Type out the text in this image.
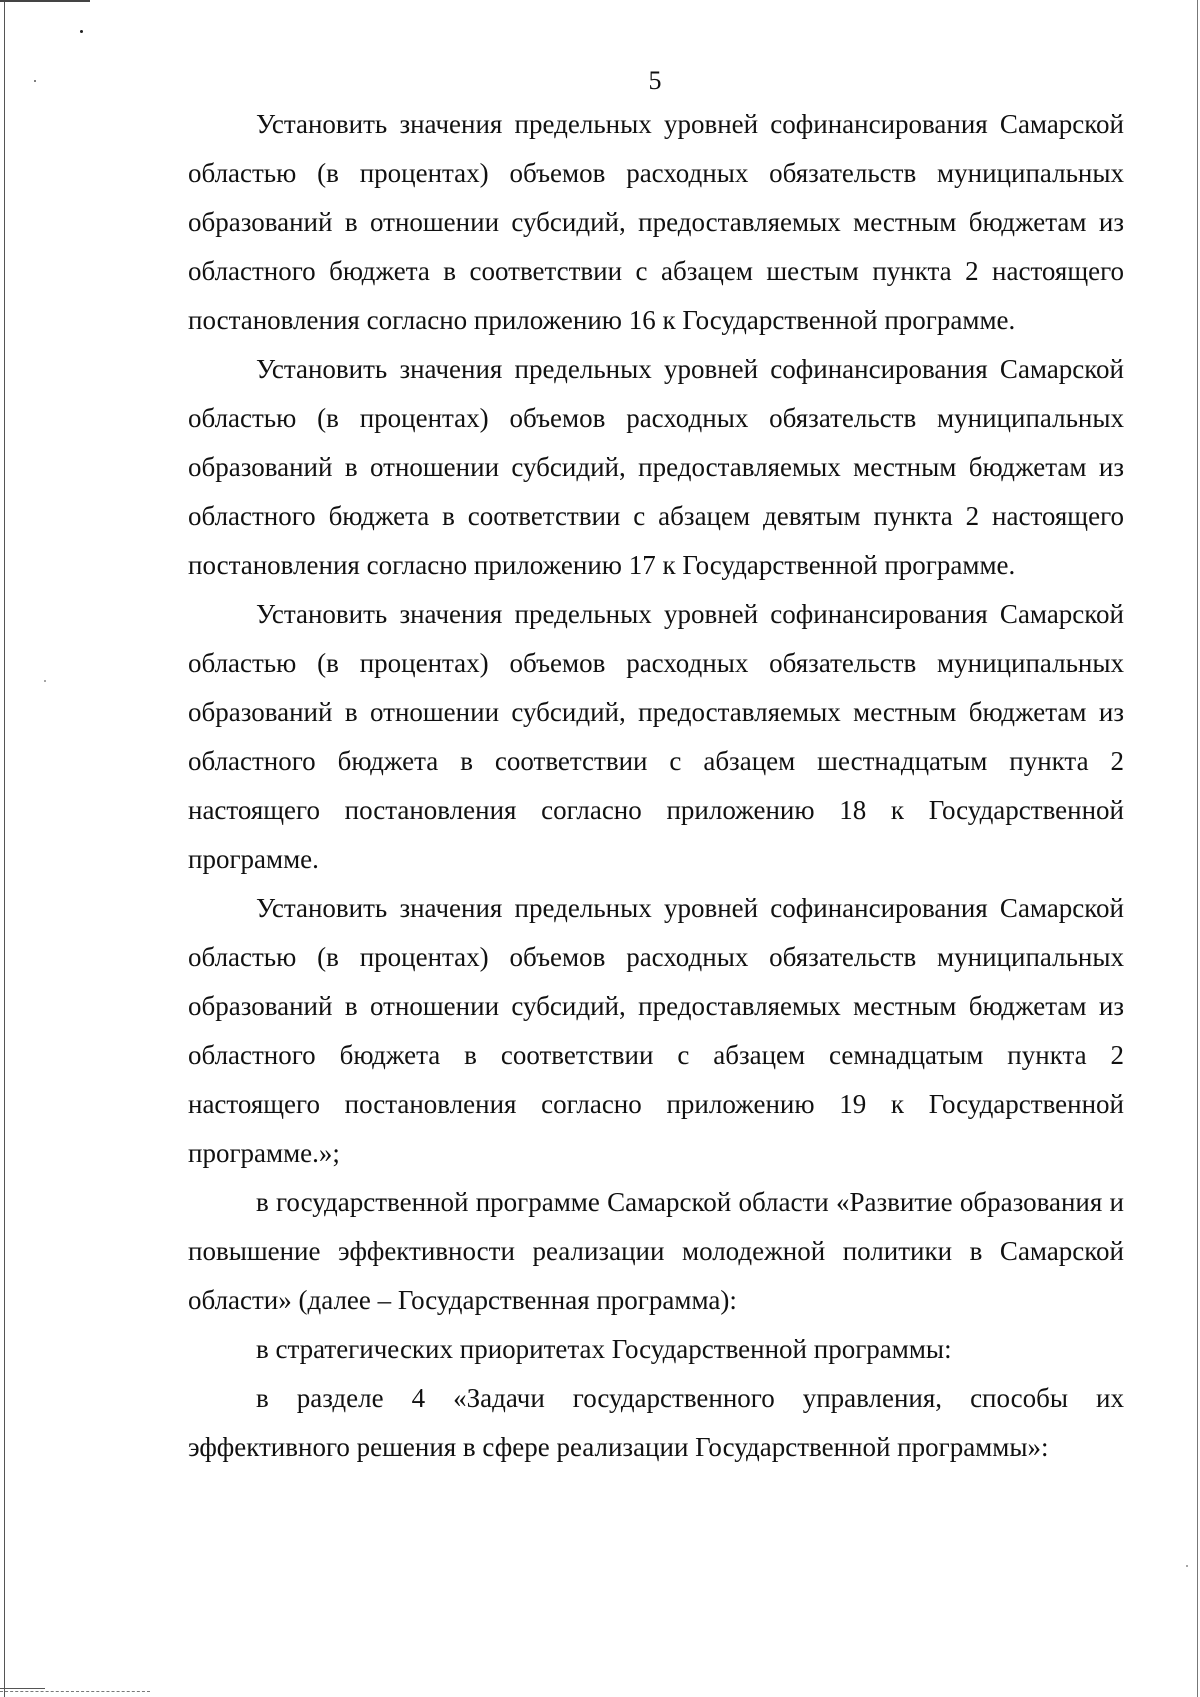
5

Установить значения предельных уровней софинансирования Самарской областью (в процентах) объемов расходных обязательств муниципальных образований в отношении субсидий, предоставляемых местным бюджетам из областного бюджета в соответствии с абзацем шестым пункта 2 настоящего постановления согласно приложению 16 к Государственной программе.

Установить значения предельных уровней софинансирования Самарской областью (в процентах) объемов расходных обязательств муниципальных образований в отношении субсидий, предоставляемых местным бюджетам из областного бюджета в соответствии с абзацем девятым пункта 2 настоящего постановления согласно приложению 17 к Государственной программе.

Установить значения предельных уровней софинансирования Самарской областью (в процентах) объемов расходных обязательств муниципальных образований в отношении субсидий, предоставляемых местным бюджетам из областного бюджета в соответствии с абзацем шестнадцатым пункта 2 настоящего постановления согласно приложению 18 к Государственной программе.

Установить значения предельных уровней софинансирования Самарской областью (в процентах) объемов расходных обязательств муниципальных образований в отношении субсидий, предоставляемых местным бюджетам из областного бюджета в соответствии с абзацем семнадцатым пункта 2 настоящего постановления согласно приложению 19 к Государственной программе.»;

в государственной программе Самарской области «Развитие образования и повышение эффективности реализации молодежной политики в Самарской области» (далее – Государственная программа):

в стратегических приоритетах Государственной программы:

в разделе 4 «Задачи государственного управления, способы их эффективного решения в сфере реализации Государственной программы»:
